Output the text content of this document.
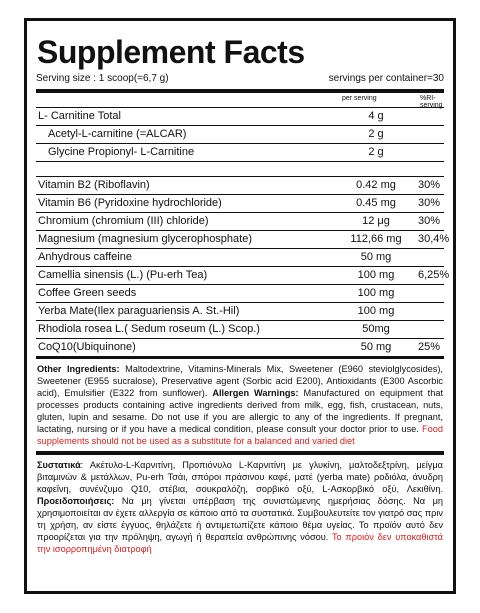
Supplement Facts
Serving size : 1 scoop(=6,7 g)	servings per container=30
per serving	%RI- serving
L- Carnitine Total	4 g
Acetyl-L-carnitine (=ALCAR)	2 g
Glycine Propionyl- L-Carnitine	2 g
Vitamin B2 (Riboflavin)	0.42 mg	30%
Vitamin B6 (Pyridoxine hydrochloride)	0.45 mg	30%
Chromium (chromium (III) chloride)	12 μg	30%
Magnesium (magnesium glycerophosphate)	112,66 mg	30,4%
Anhydrous caffeine	50 mg
Camellia sinensis (L.) (Pu-erh Tea)	100 mg	6,25%
Coffee Green seeds	100 mg
Yerba Mate(Ilex paraguariensis A. St.-Hil)	100 mg
Rhodiola rosea L.( Sedum roseum (L.) Scop.)	50mg
CoQ10(Ubiquinone)	50 mg	25%
Other Ingredients: Maltodextrine, Vitamins-Minerals Mix, Sweetener (E960 steviolglycosides), Sweetener (E955 sucralose), Preservative agent (Sorbic acid E200), Antioxidants (E300 Ascorbic acid), Emulsifier (E322 from sunflower). Allergen Warnings: Manufactured on equipment that processes products containing active ingredients derived from milk, egg, fish, crustacean, nuts, gluten, lupin and sesame. Do not use if you are allergic to any of the ingredients. If pregnant, lactating, nursing or if you have a medical condition, please consult your doctor prior to use. Food supplements should not be used as a substitute for a balanced and varied diet
Συστατικά: Ακέτυλο-L-Καρνιτίνη, Προπιόνυλο L-Καρνιτίνη με γλυκίνη, μαλτοδεξτρίνη, μείγμα βιταμινών & μετάλλων, Pu-erh Τσάι, σπόροι πράσινου καφέ, ματέ (yerba mate) ροδιόλα, άνυδρη καφεΐνη, συνένζυμο Q10, στέβια, σουκραλόζη, σορβικό οξύ, L-Ασκορβικό οξύ, Λεκιθίνη. Προειδοποιήσεις: Να μη γίνεται υπέρβαση της συνιστώμενης ημερήσιας δόσης. Να μη χρησιμοποιείται αν έχετε αλλεργία σε κάποιο από τα συστατικά. Συμβουλευτείτε τον γιατρό σας πριν τη χρήση, αν είστε έγγυος, θηλάζετε ή αντιμετωπίζετε κάποιο θέμα υγείας. Το προϊόν αυτό δεν προορίζεται για την πρόληψη, αγωγή ή θεραπεία ανθρώπινης νόσου. Το προιόν δεν υποκαθιστά την ισορροπημένη διατροφή
